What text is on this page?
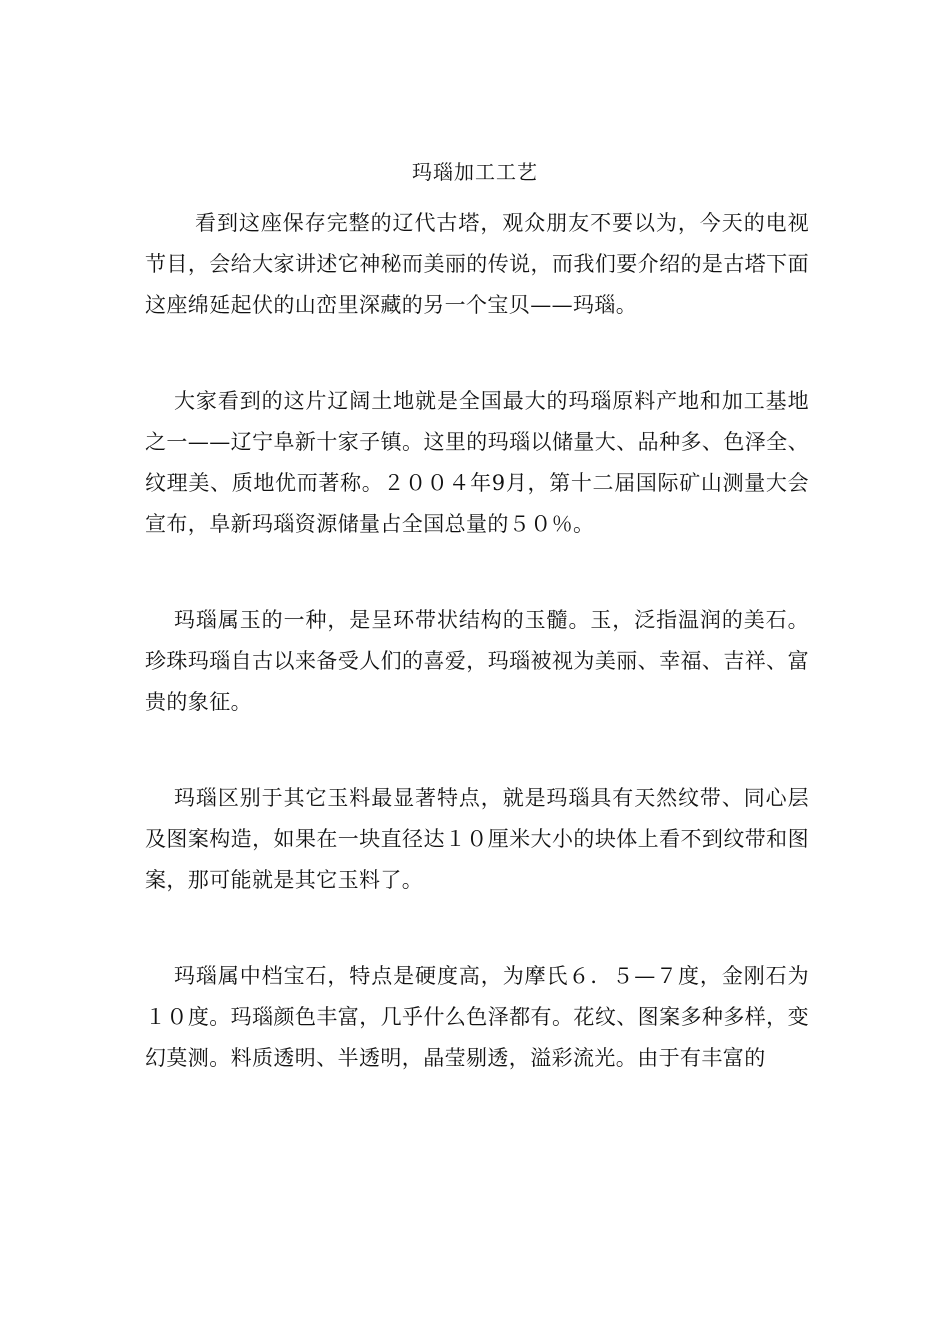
玛瑙加工工艺

看到这座保存完整的辽代古塔，观众朋友不要以为，今天的电视节目，会给大家讲述它神秘而美丽的传说，而我们要介绍的是古塔下面这座绵延起伏的山峦里深藏的另一个宝贝——玛瑙。

大家看到的这片辽阔土地就是全国最大的玛瑙原料产地和加工基地之一——辽宁阜新十家子镇。这里的玛瑙以储量大、品种多、色泽全、纹理美、质地优而著称。２００４年9月，第十二届国际矿山测量大会宣布，阜新玛瑙资源储量占全国总量的５０％。

玛瑙属玉的一种，是呈环带状结构的玉髓。玉，泛指温润的美石。珍珠玛瑙自古以来备受人们的喜爱，玛瑙被视为美丽、幸福、吉祥、富贵的象征。

玛瑙区别于其它玉料最显著特点，就是玛瑙具有天然纹带、同心层及图案构造，如果在一块直径达１０厘米大小的块体上看不到纹带和图案，那可能就是其它玉料了。

玛瑙属中档宝石，特点是硬度高，为摩氏６．５—７度，金刚石为１０度。玛瑙颜色丰富，几乎什么色泽都有。花纹、图案多种多样，变幻莫测。料质透明、半透明，晶莹剔透，溢彩流光。由于有丰富的
